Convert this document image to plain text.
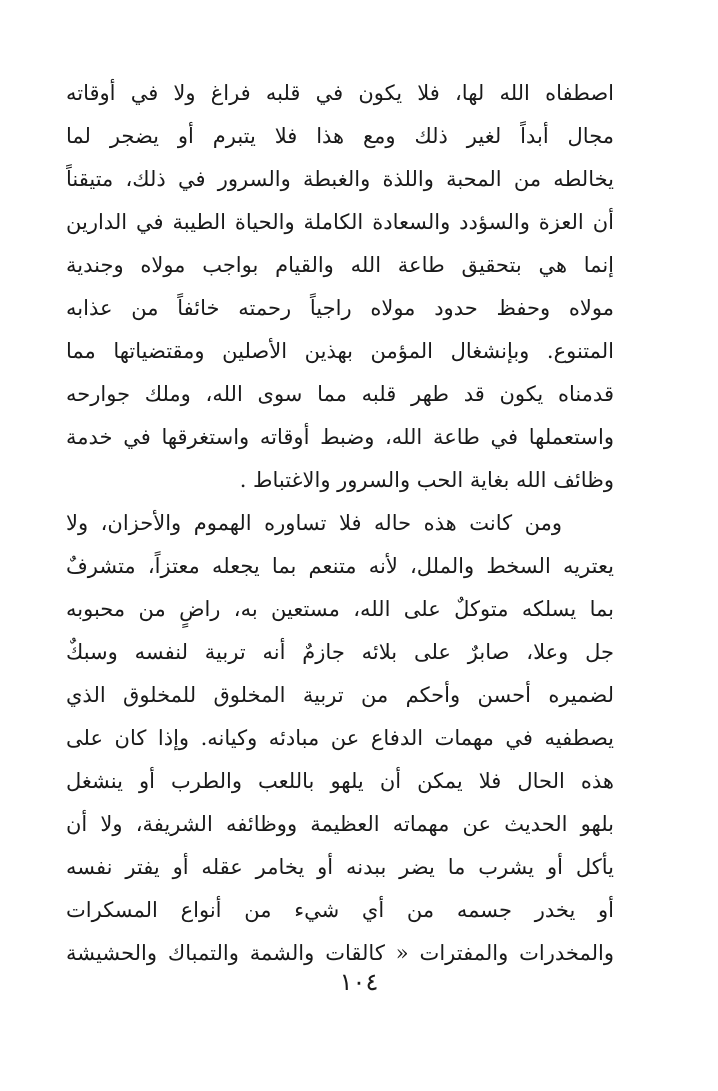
اصطفاه الله لها، فلا يكون في قلبه فراغ ولا في أوقاته
مجال أبداً لغير ذلك ومع هذا فلا يتبرم أو يضجر لما
يخالطه من المحبة واللذة والغبطة والسرور في ذلك، متيقناً
أن العزة والسؤدد والسعادة الكاملة والحياة الطيبة في الدارين
إنما هي بتحقيق طاعة الله والقيام بواجب مولاه وجندية
مولاه وحفظ حدود مولاه راجياً رحمته خائفاً من عذابه
المتنوع. وبإنشغال المؤمن بهذين الأصلين ومقتضياتها مما
قدمناه يكون قد طهر قلبه مما سوى الله، وملك جوارحه
واستعملها في طاعة الله، وضبط أوقاته واستغرقها في خدمة
وظائف الله بغاية الحب والسرور والاغتباط .
ومن كانت هذه حاله فلا تساوره الهموم والأحزان، ولا
يعتريه السخط والملل، لأنه متنعم بما يجعله معتزاً، متشرفٌ
بما يسلكه متوكلٌ على الله، مستعين به، راضٍ من محبوبه
جل وعلا، صابرٌ على بلائه جازمٌ أنه تربية لنفسه وسبكٌ
لضميره أحسن وأحكم من تربية المخلوق للمخلوق الذي
يصطفيه في مهمات الدفاع عن مبادئه وكيانه. وإذا كان على
هذه الحال فلا يمكن أن يلهو باللعب والطرب أو ينشغل
بلهو الحديث عن مهماته العظيمة ووظائفه الشريفة، ولا أن
يأكل أو يشرب ما يضر ببدنه أو يخامر عقله أو يفتر نفسه
أو يخدر جسمه من أي شيء من أنواع المسكرات
والمخدرات والمفترات « كالقات والشمة والتمباك والحشيشة
١٠٤
